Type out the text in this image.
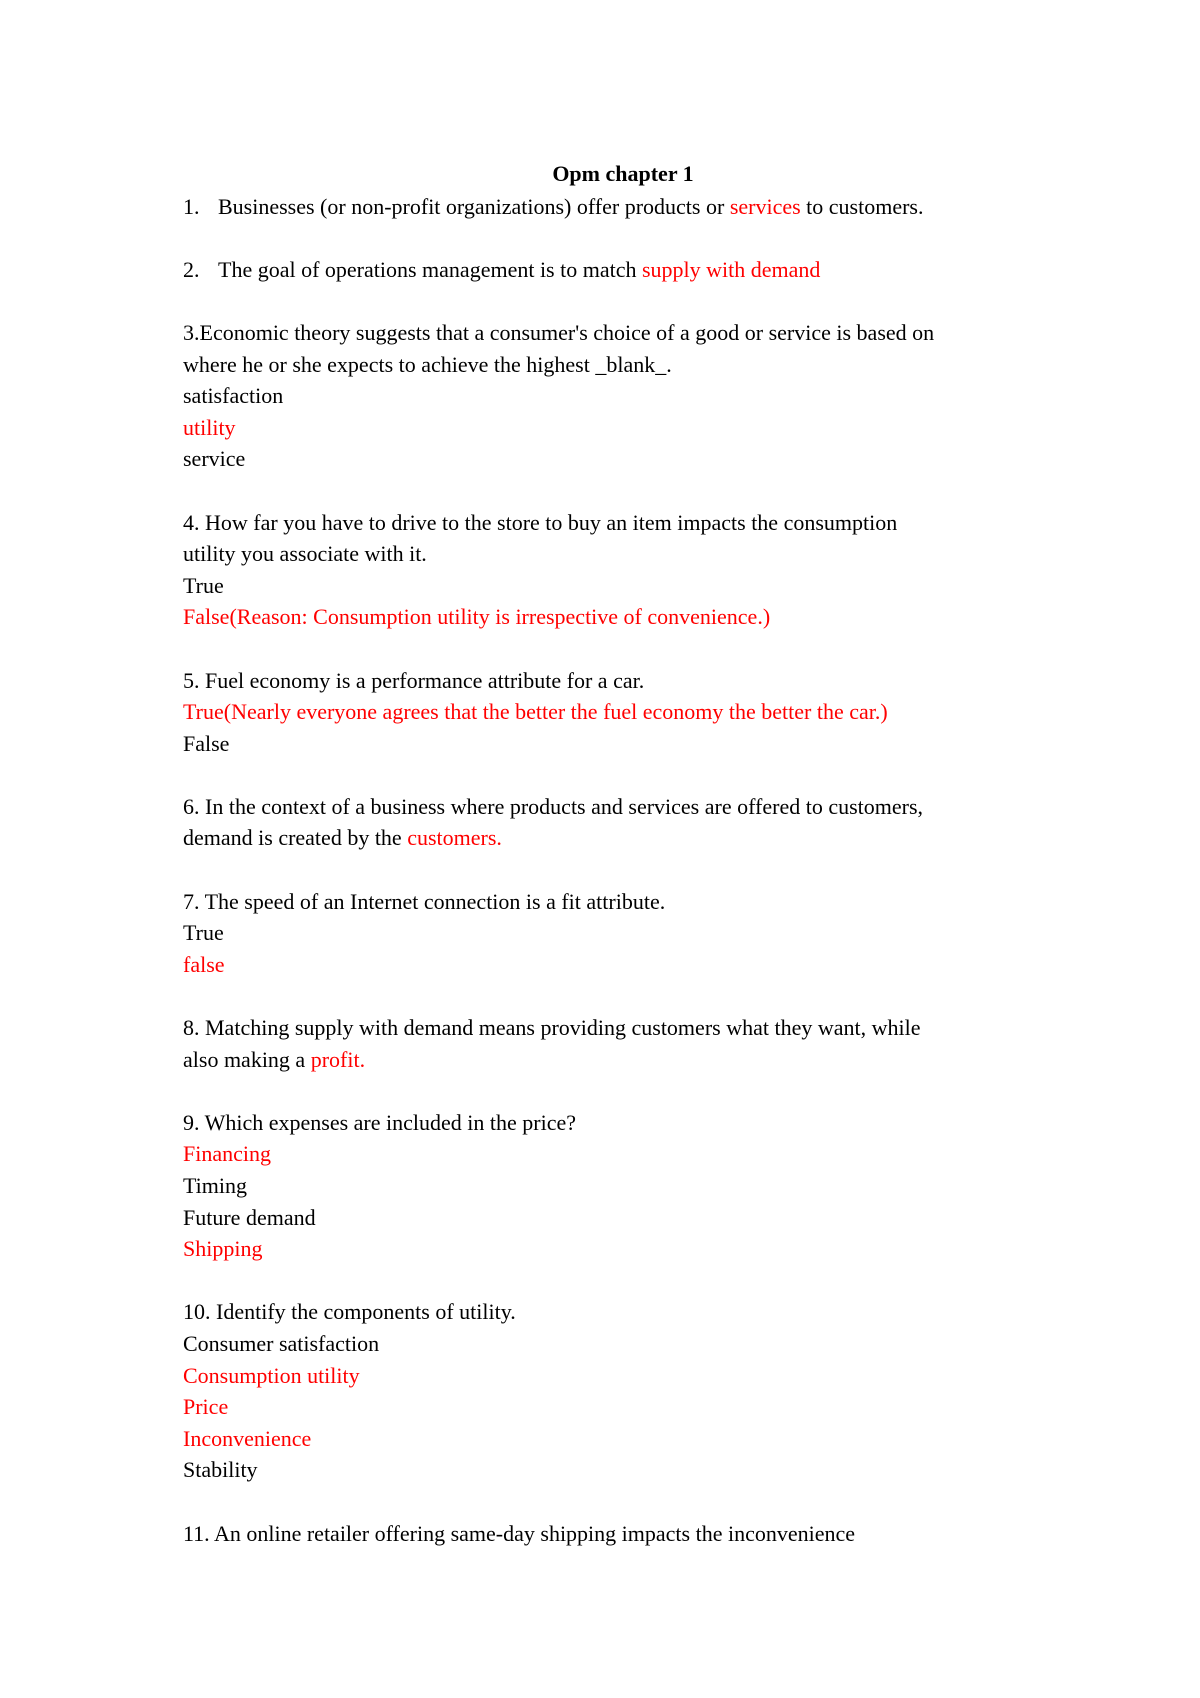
Opm chapter 1
1. Businesses (or non-profit organizations) offer products or services to customers.
2. The goal of operations management is to match supply with demand
3.Economic theory suggests that a consumer's choice of a good or service is based on
where he or she expects to achieve the highest _blank_.
satisfaction
utility
service
4. How far you have to drive to the store to buy an item impacts the consumption
utility you associate with it.
True
False(Reason: Consumption utility is irrespective of convenience.)
5. Fuel economy is a performance attribute for a car.
True(Nearly everyone agrees that the better the fuel economy the better the car.)
False
6. In the context of a business where products and services are offered to customers,
demand is created by the customers.
7. The speed of an Internet connection is a fit attribute.
True
false
8. Matching supply with demand means providing customers what they want, while
also making a profit.
9. Which expenses are included in the price?
Financing
Timing
Future demand
Shipping
10. Identify the components of utility.
Consumer satisfaction
Consumption utility
Price
Inconvenience
Stability
11. An online retailer offering same-day shipping impacts the inconvenience
